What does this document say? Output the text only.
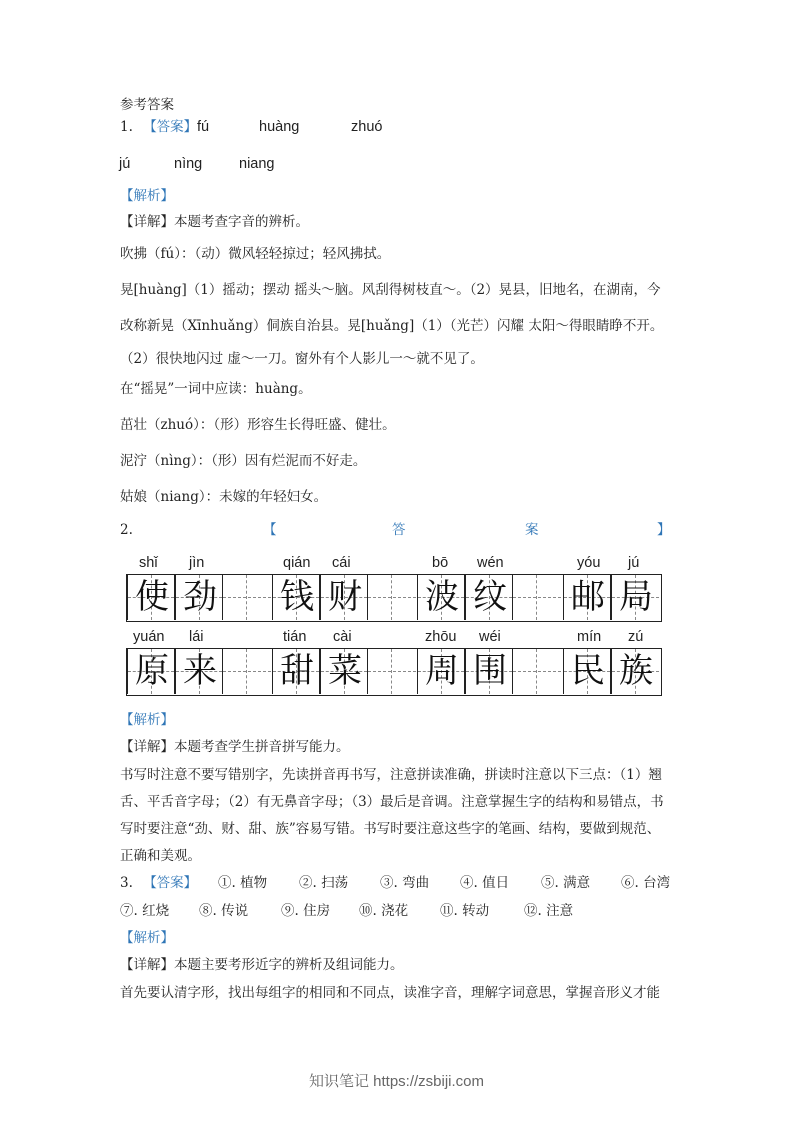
参考答案
1. 【答案】 fú	huàng	zhuó
jú	nìng	niang
【解析】
【详解】本题考查字音的辨析。
吹拂（fú）：（动）微风轻轻掠过；轻风拂拭。
晃[huàng]（1）摇动；摆动 摇头～脑。风刮得树枝直～。（2）晃县，旧地名，在湖南，今
改称新晃（Xīnhuǎng）侗族自治县。晃[huǎng]（1）（光芒）闪耀 太阳～得眼睛睁不开。
（2）很快地闪过 虚～一刀。窗外有个人影儿一～就不见了。
在“摇晃”一词中应读：huàng。
茁壮（zhuó）：（形）形容生长得旺盛、健壮。
泥泞（nìng）：（形）因有烂泥而不好走。
姑娘（niang）：未嫁的年轻妇女。
2.	【	答	案	】
shǐ jìn	qián cái	bō wén	yóu jú
使 劲 钱 财 波 纹 邮 局
yuán lái	tián cài	zhōu wéi	mín zú
原 来 甜 菜 周 围 民 族
【解析】
【详解】本题考查学生拼音拼写能力。
书写时注意不要写错别字，先读拼音再书写，注意拼读准确，拼读时注意以下三点：（1）翘
舌、平舌音字母；（2）有无鼻音字母；（3）最后是音调。注意掌握生字的结构和易错点，书
写时要注意“劲、财、甜、族”容易写错。书写时要注意这些字的笔画、结构，要做到规范、
正确和美观。
3. 【答案】 ①. 植物 ②. 扫荡 ③. 弯曲 ④. 值日 ⑤. 满意 ⑥. 台湾
⑦. 红烧 ⑧. 传说 ⑨. 住房 ⑩. 浇花 ⑪. 转动	⑫. 注意
【解析】
【详解】本题主要考形近字的辨析及组词能力。
首先要认清字形，找出每组字的相同和不同点，读准字音，理解字词意思，掌握音形义才能
知识笔记 https://zsbiji.com
